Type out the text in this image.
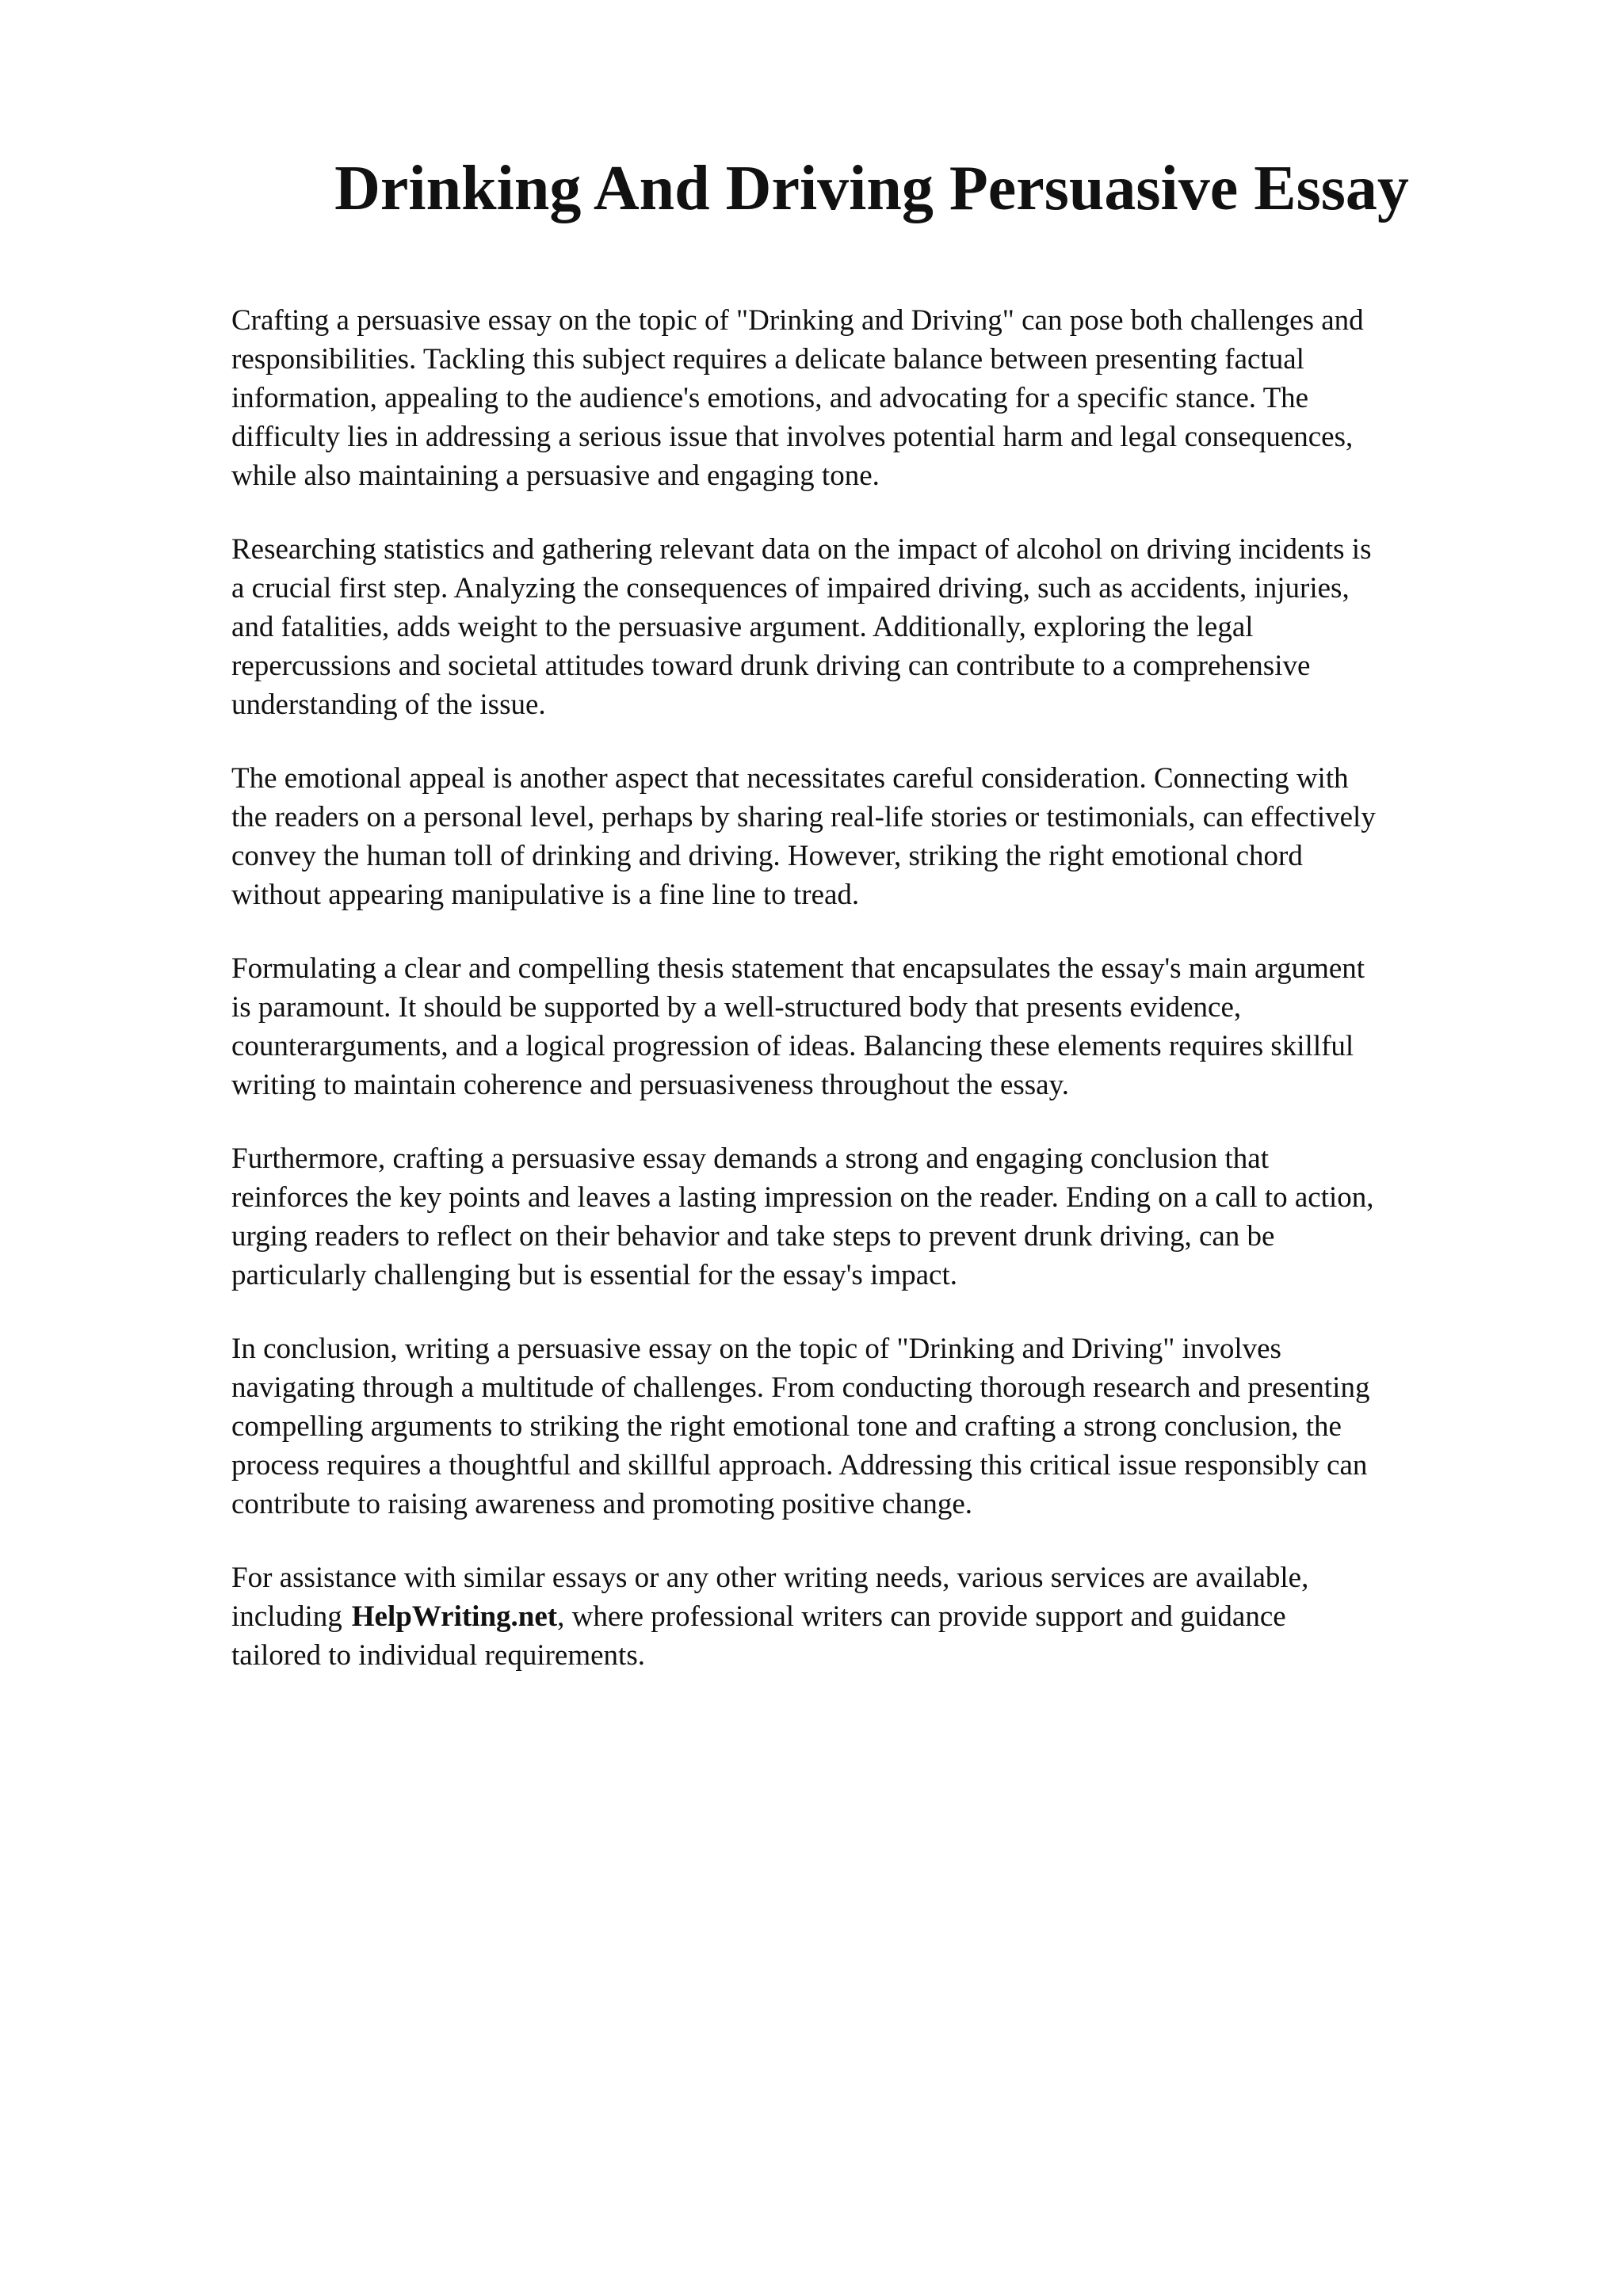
Drinking And Driving Persuasive Essay

Crafting a persuasive essay on the topic of "Drinking and Driving" can pose both challenges and
responsibilities. Tackling this subject requires a delicate balance between presenting factual
information, appealing to the audience's emotions, and advocating for a specific stance. The
difficulty lies in addressing a serious issue that involves potential harm and legal consequences,
while also maintaining a persuasive and engaging tone.

Researching statistics and gathering relevant data on the impact of alcohol on driving incidents is
a crucial first step. Analyzing the consequences of impaired driving, such as accidents, injuries,
and fatalities, adds weight to the persuasive argument. Additionally, exploring the legal
repercussions and societal attitudes toward drunk driving can contribute to a comprehensive
understanding of the issue.

The emotional appeal is another aspect that necessitates careful consideration. Connecting with
the readers on a personal level, perhaps by sharing real-life stories or testimonials, can effectively
convey the human toll of drinking and driving. However, striking the right emotional chord
without appearing manipulative is a fine line to tread.

Formulating a clear and compelling thesis statement that encapsulates the essay's main argument
is paramount. It should be supported by a well-structured body that presents evidence,
counterarguments, and a logical progression of ideas. Balancing these elements requires skillful
writing to maintain coherence and persuasiveness throughout the essay.

Furthermore, crafting a persuasive essay demands a strong and engaging conclusion that
reinforces the key points and leaves a lasting impression on the reader. Ending on a call to action,
urging readers to reflect on their behavior and take steps to prevent drunk driving, can be
particularly challenging but is essential for the essay's impact.

In conclusion, writing a persuasive essay on the topic of "Drinking and Driving" involves
navigating through a multitude of challenges. From conducting thorough research and presenting
compelling arguments to striking the right emotional tone and crafting a strong conclusion, the
process requires a thoughtful and skillful approach. Addressing this critical issue responsibly can
contribute to raising awareness and promoting positive change.

For assistance with similar essays or any other writing needs, various services are available,
including HelpWriting.net, where professional writers can provide support and guidance
tailored to individual requirements.
